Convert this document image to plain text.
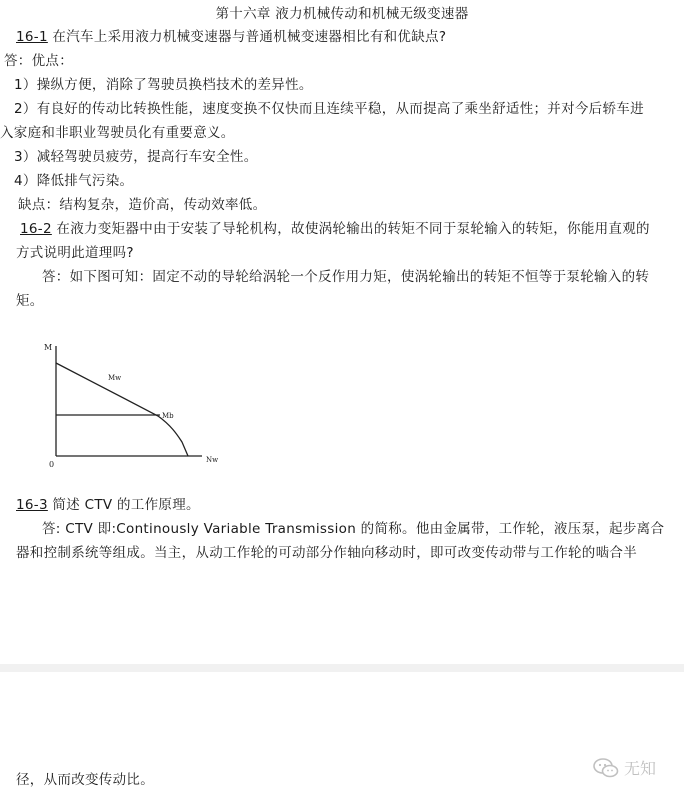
第十六章 液力机械传动和机械无级变速器
16-1 在汽车上采用液力机械变速器与普通机械变速器相比有和优缺点?
答：优点：
1）操纵方便，消除了驾驶员换档技术的差异性。
2）有良好的传动比转换性能，速度变换不仅快而且连续平稳，从而提高了乘坐舒适性；并对今后轿车进
入家庭和非职业驾驶员化有重要意义。
3）减轻驾驶员疲劳，提高行车安全性。
4）降低排气污染。
缺点：结构复杂，造价高，传动效率低。
16-2 在液力变矩器中由于安装了导轮机构，故使涡轮输出的转矩不同于泵轮输入的转矩，你能用直观的
方式说明此道理吗?
答：如下图可知：固定不动的导轮给涡轮一个反作用力矩，使涡轮输出的转矩不恒等于泵轮输入的转
矩。
M
0	Nw
Mw
Mb
16-3 简述 CTV 的工作原理。
答: CTV 即:Continously Variable Transmission 的简称。他由金属带，工作轮，液压泵，起步离合
器和控制系统等组成。当主，从动工作轮的可动部分作轴向移动时，即可改变传动带与工作轮的啮合半
径，从而改变传动比。
无知
